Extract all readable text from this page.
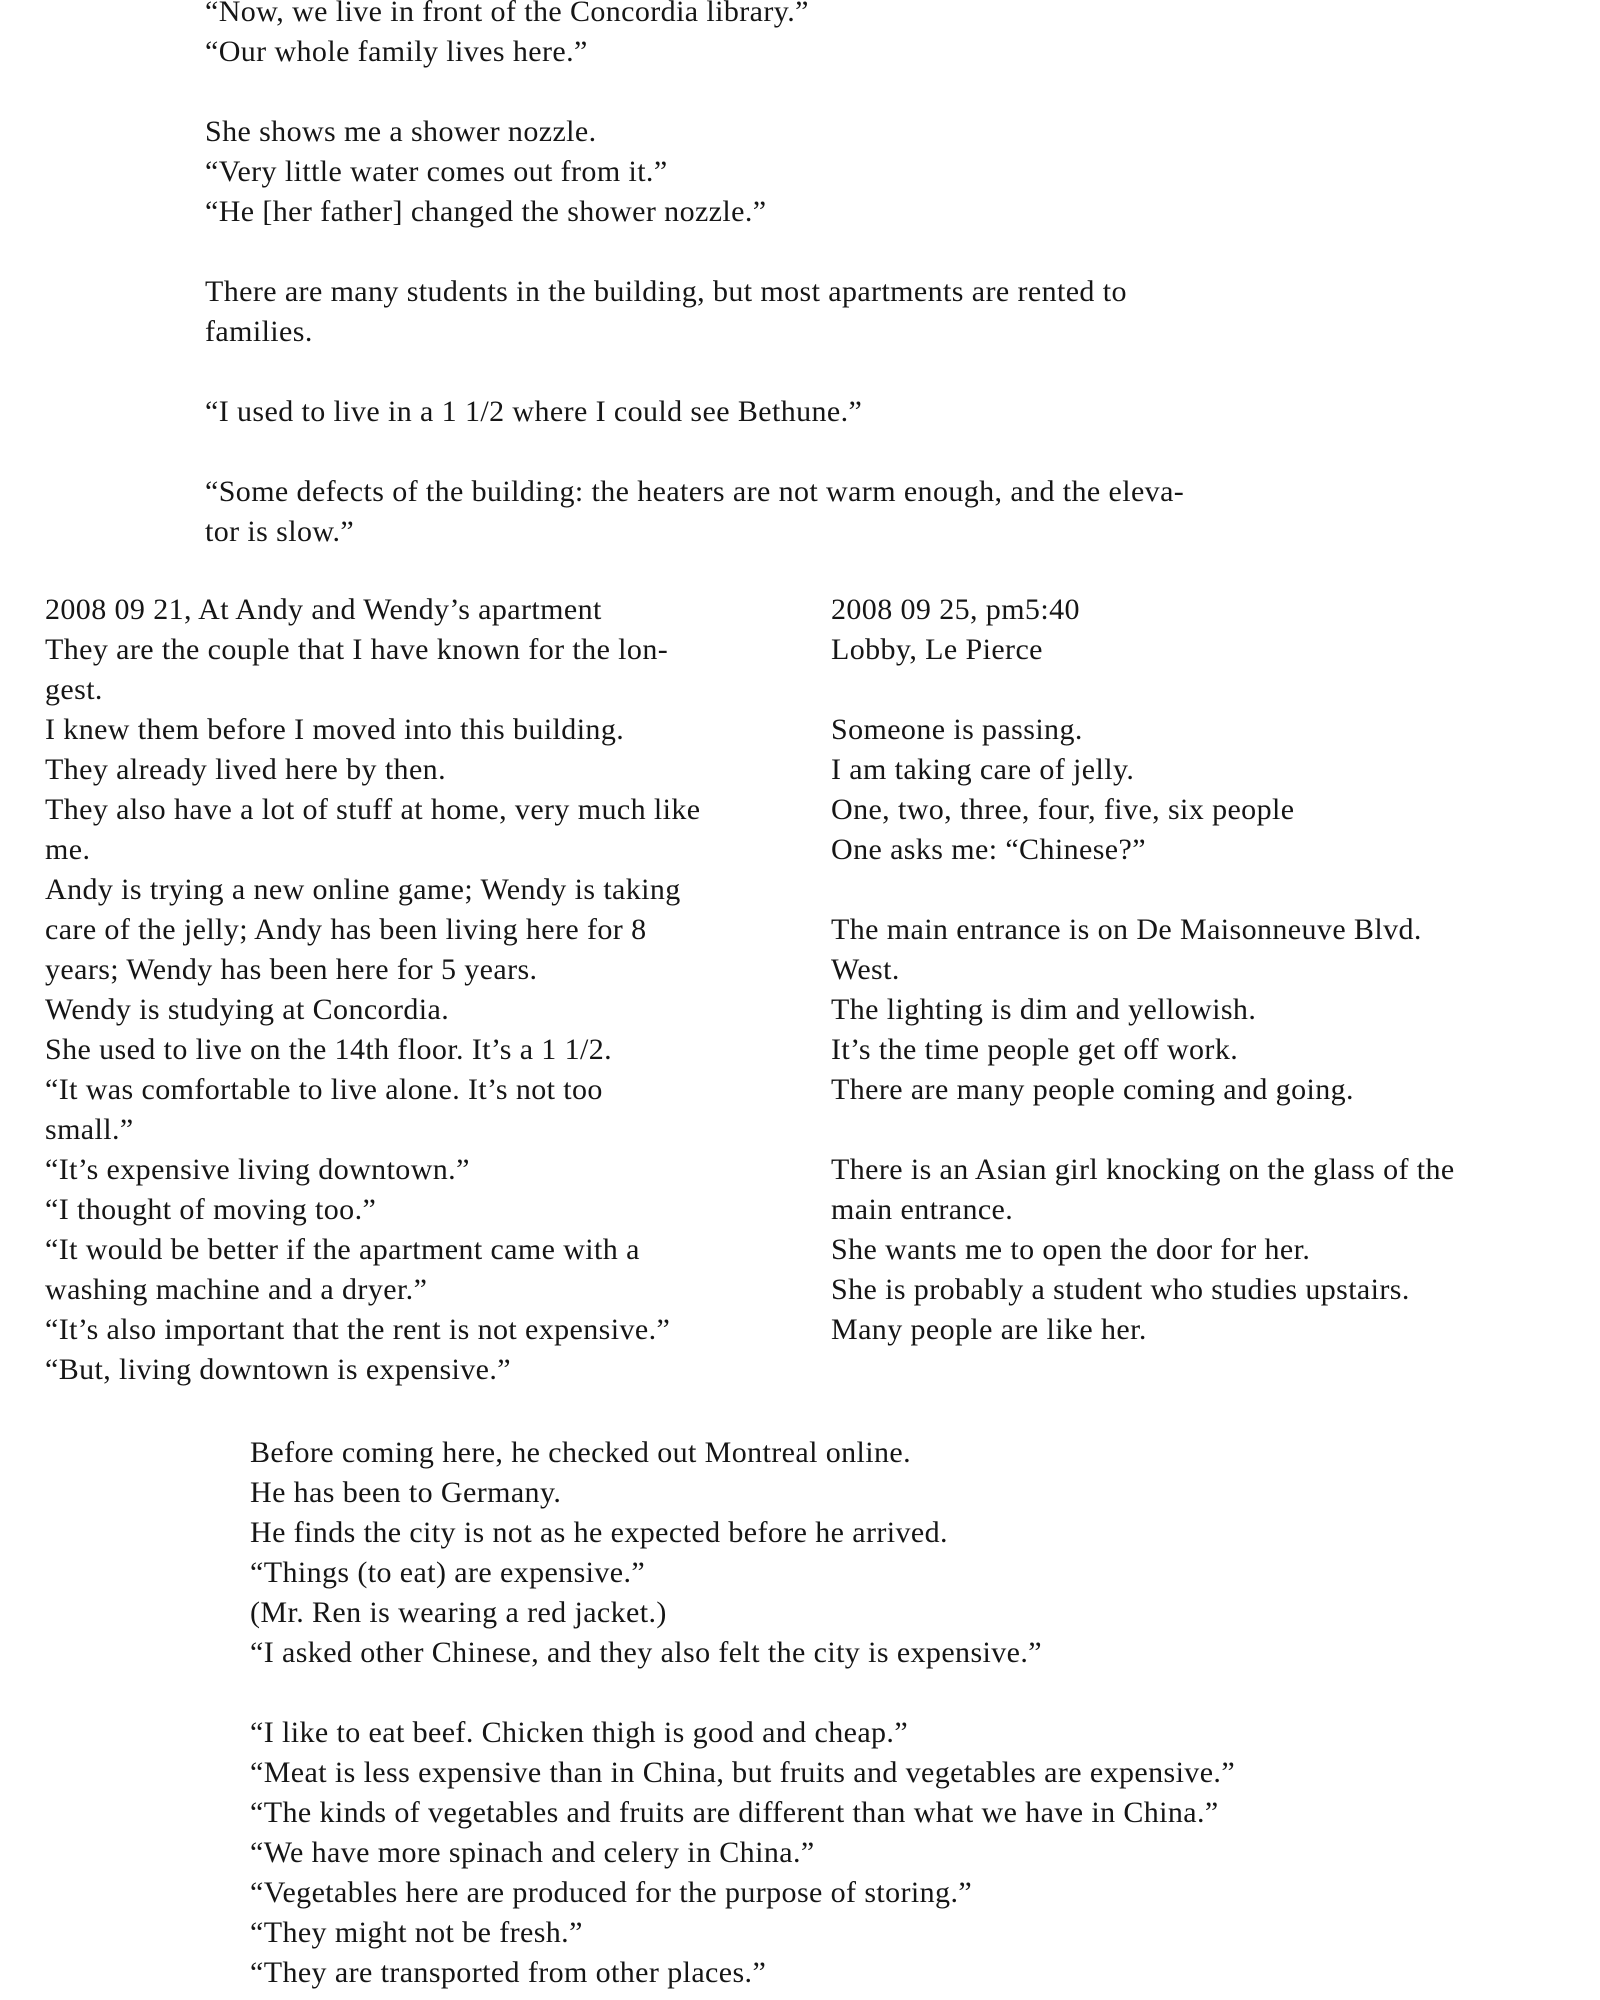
“Now, we live in front of the Concordia library.”
“Our whole family lives here.”

She shows me a shower nozzle.
“Very little water comes out from it.”
“He [her father] changed the shower nozzle.”

There are many students in the building, but most apartments are rented to
families.

“I used to live in a 1 1/2 where I could see Bethune.”

“Some defects of the building: the heaters are not warm enough, and the eleva-
tor is slow.”
2008 09 21, At Andy and Wendy’s apartment
They are the couple that I have known for the lon-
gest.
I knew them before I moved into this building.
They already lived here by then.
They also have a lot of stuff at home, very much like
me.
Andy is trying a new online game; Wendy is taking
care of the jelly; Andy has been living here for 8
years; Wendy has been here for 5 years.
Wendy is studying at Concordia.
She used to live on the 14th floor. It’s a 1 1/2.
“It was comfortable to live alone. It’s not too
small.”
“It’s expensive living downtown.”
“I thought of moving too.”
“It would be better if the apartment came with a
washing machine and a dryer.”
“It’s also important that the rent is not expensive.”
“But, living downtown is expensive.”
2008 09 25, pm5:40
Lobby, Le Pierce

Someone is passing.
I am taking care of jelly.
One, two, three, four, five, six people
One asks me: “Chinese?”

The main entrance is on De Maisonneuve Blvd.
West.
The lighting is dim and yellowish.
It’s the time people get off work.
There are many people coming and going.

There is an Asian girl knocking on the glass of the
main entrance.
She wants me to open the door for her.
She is probably a student who studies upstairs.
Many people are like her.
Before coming here, he checked out Montreal online.
He has been to Germany.
He finds the city is not as he expected before he arrived.
“Things (to eat) are expensive.”
(Mr. Ren is wearing a red jacket.)
“I asked other Chinese, and they also felt the city is expensive.”

“I like to eat beef. Chicken thigh is good and cheap.”
“Meat is less expensive than in China, but fruits and vegetables are expensive.”
“The kinds of vegetables and fruits are different than what we have in China.”
“We have more spinach and celery in China.”
“Vegetables here are produced for the purpose of storing.”
“They might not be fresh.”
“They are transported from other places.”
